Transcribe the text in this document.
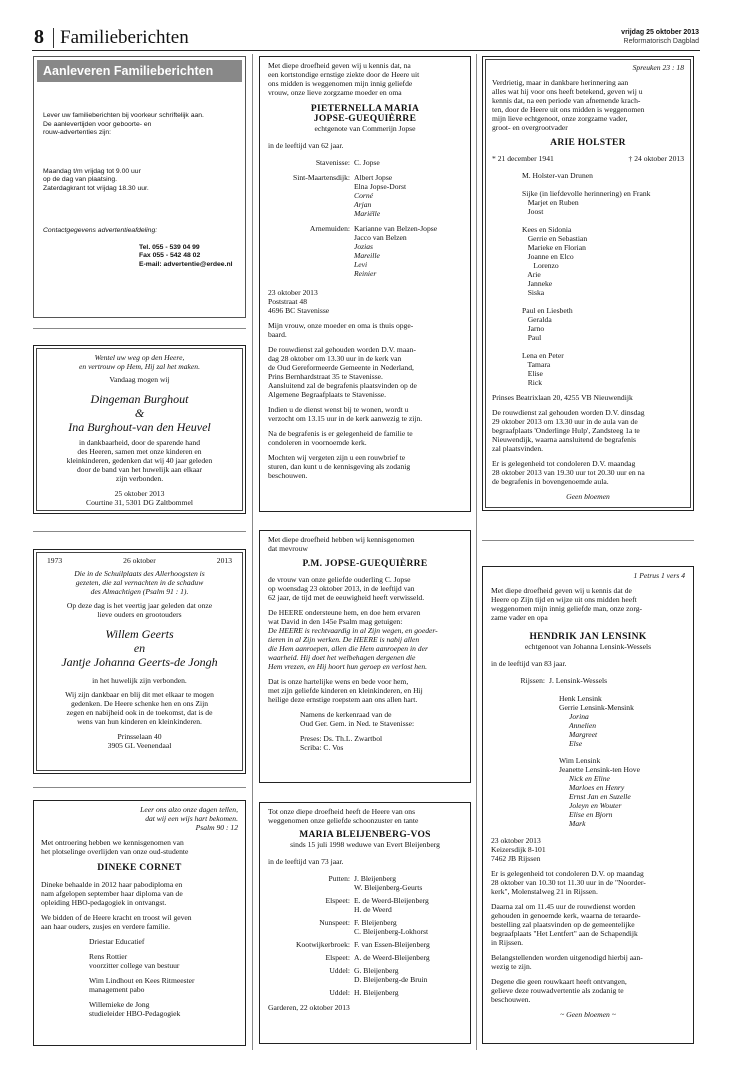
8 Familieberichten	vrijdag 25 oktober 2013
Reformatorisch Dagblad
Aanleveren Familieberichten
Lever uw familieberichten bij voorkeur schriftelijk aan.
De aanlevertijden voor geboorte- en
rouw-advertenties zijn:
Maandag t/m vrijdag tot 9.00 uur
op de dag van plaatsing.
Zaterdagkrant tot vrijdag 18.30 uur.
Contactgegevens advertentieafdeling:
Tel. 055 - 539 04 99
Fax 055 - 542 48 02
E-mail: advertentie@erdee.nl
Wentel uw weg op den Heere,
en vertrouw op Hem, Hij zal het maken.
Vandaag mogen wij
Dingeman Burghout
&
Ina Burghout-van den Heuvel
in dankbaarheid, door de sparende hand
des Heeren, samen met onze kinderen en
kleinkinderen, gedenken dat wij 40 jaar geleden
door de band van het huwelijk aan elkaar
zijn verbonden.
25 oktober 2013
Courtine 31, 5301 DG Zaltbommel
1973	26 oktober	2013
Die in de Schuilplaats des Allerhoogsten is
gezeten, die zal vernachten in de schaduw
des Almachtigen (Psalm 91 : 1).
Op deze dag is het veertig jaar geleden dat onze
lieve ouders en grootouders
Willem Geerts
en
Jantje Johanna Geerts-de Jongh
in het huwelijk zijn verbonden.
Wij zijn dankbaar en blij dit met elkaar te mogen
gedenken. De Heere schenke hen en ons Zijn
zegen en nabijheid ook in de toekomst, dat is de
wens van hun kinderen en kleinkinderen.
Prinsselaan 40
3905 GL Veenendaal
Leer ons alzo onze dagen tellen,
dat wij een wijs hart bekomen.
Psalm 90 : 12
Met ontroering hebben we kennisgenomen van
het plotselinge overlijden van onze oud-studente
DINEKE CORNET
Dineke behaalde in 2012 haar pabodiploma en
nam afgelopen september haar diploma van de
opleiding HBO-pedagogiek in ontvangst.
We bidden of de Heere kracht en troost wil geven
aan haar ouders, zusjes en verdere familie.
Driestar Educatief
Rens Rottier
voorzitter college van bestuur
Wim Lindhout en Kees Ritmeester
management pabo
Willemieke de Jong
studieleider HBO-Pedagogiek
Met diepe droefheid geven wij u kennis dat, na
een kortstondige ernstige ziekte door de Heere uit
ons midden is weggenomen mijn innig geliefde
vrouw, onze lieve zorgzame moeder en oma
PIETERNELLA MARIA
JOPSE-GUEQUIÈRRE
echtgenote van Commerijn Jopse
in de leeftijd van 62 jaar.
Stavenisse: C. Jopse
Sint-Maartensdijk: Albert Jopse
Elna Jopse-Dorst
Corné
Arjan
Mariëlle
Arnemuiden: Karianne van Belzen-Jopse
Jacco van Belzen
Jozias
Mareille
Levi
Reinier
23 oktober 2013
Poststraat 48
4696 BC Stavenisse
Mijn vrouw, onze moeder en oma is thuis opge-
baard.
De rouwdienst zal gehouden worden D.V. maan-
dag 28 oktober om 13.30 uur in de kerk van
de Oud Gereformeerde Gemeente in Nederland,
Prins Bernhardstraat 35 te Stavenisse.
Aansluitend zal de begrafenis plaatsvinden op de
Algemene Begraafplaats te Stavenisse.
Indien u de dienst wenst bij te wonen, wordt u
verzocht om 13.15 uur in de kerk aanwezig te zijn.
Na de begrafenis is er gelegenheid de familie te
condoleren in voornoemde kerk.
Mochten wij vergeten zijn u een rouwbrief te
sturen, dan kunt u de kennisgeving als zodanig
beschouwen.
Met diepe droefheid hebben wij kennisgenomen
dat mevrouw
P.M. JOPSE-GUEQUIÈRRE
de vrouw van onze geliefde ouderling C. Jopse
op woensdag 23 oktober 2013, in de leeftijd van
62 jaar, de tijd met de eeuwigheid heeft verwisseld.
De HEERE ondersteune hem, en doe hem ervaren
wat David in den 145e Psalm mag getuigen:
De HEERE is rechtvaardig in al Zijn wegen, en goeder-
tieren in al Zijn werken. De HEERE is nabij allen
die Hem aanroepen, allen die Hem aanroepen in der
waarheid. Hij doet het welbehagen dergenen die
Hem vrezen, en Hij hoort hun geroep en verlost hen.
Dat is onze hartelijke wens en bede voor hem,
met zijn geliefde kinderen en kleinkinderen, en Hij
heilige deze ernstige roepstem aan ons allen hart.
Namens de kerkenraad van de
Oud Ger. Gem. in Ned. te Stavenisse:
Preses: Ds. Th.L. Zwartbol
Scriba: C. Vos
Tot onze diepe droefheid heeft de Heere van ons
weggenomen onze geliefde schoonzuster en tante
MARIA BLEIJENBERG-VOS
sinds 15 juli 1998 weduwe van Evert Bleijenberg
in de leeftijd van 73 jaar.
Putten: J. Bleijenberg
W. Bleijenberg-Geurts
Elspeet: E. de Weerd-Bleijenberg
H. de Weerd
Nunspeet: F. Bleijenberg
C. Bleijenberg-Lokhorst
Kootwijkerbroek: F. van Essen-Bleijenberg
Elspeet: A. de Weerd-Bleijenberg
Uddel: G. Bleijenberg
D. Bleijenberg-de Bruin
Uddel: H. Bleijenberg
Garderen, 22 oktober 2013
Spreuken 23 : 18
Verdrietig, maar in dankbare herinnering aan
alles wat hij voor ons heeft betekend, geven wij u
kennis dat, na een periode van afnemende krach-
ten, door de Heere uit ons midden is weggenomen
mijn lieve echtgenoot, onze zorgzame vader,
groot- en overgrootvader
ARIE HOLSTER
* 21 december 1941	† 24 oktober 2013
M. Holster-van Drunen
Sijke (in liefdevolle herinnering) en Frank
Marjet en Ruben
Joost
Kees en Sidonia
Gerrie en Sebastian
Marieke en Florian
Joanne en Elco
Lorenzo
Arie
Janneke
Siska
Paul en Liesbeth
Geralda
Jarno
Paul
Lena en Peter
Tamara
Elise
Rick
Prinses Beatrixlaan 20, 4255 VB Nieuwendijk
De rouwdienst zal gehouden worden D.V. dinsdag
29 oktober 2013 om 13.30 uur in de aula van de
begraafplaats 'Onderlinge Hulp', Zandsteeg 1a te
Nieuwendijk, waarna aansluitend de begrafenis
zal plaatsvinden.
Er is gelegenheid tot condoleren D.V. maandag
28 oktober 2013 van 19.30 uur tot 20.30 uur en na
de begrafenis in bovengenoemde aula.
Geen bloemen
1 Petrus 1 vers 4
Met diepe droefheid geven wij u kennis dat de
Heere op Zijn tijd en wijze uit ons midden heeft
weggenomen mijn innig geliefde man, onze zorg-
zame vader en opa
HENDRIK JAN LENSINK
echtgenoot van Johanna Lensink-Wessels
in de leeftijd van 83 jaar.
Rijssen: J. Lensink-Wessels
Henk Lensink
Gerrie Lensink-Mensink
Jorina
Annelien
Margreet
Else
Wim Lensink
Jeanette Lensink-ten Hove
Nick en Eline
Marloes en Henry
Ernst Jan en Suzelle
Joleyn en Wouter
Elise en Bjorn
Mark
23 oktober 2013
Keizersdijk 8-101
7462 JB Rijssen
Er is gelegenheid tot condoleren D.V. op maandag
28 oktober van 10.30 tot 11.30 uur in de "Noorder-
kerk", Molenstalweg 21 in Rijssen.
Daarna zal om 11.45 uur de rouwdienst worden
gehouden in genoemde kerk, waarna de teraarde-
bestelling zal plaatsvinden op de gemeentelijke
begraafplaats "Het Lentfert" aan de Schapendijk
in Rijssen.
Belangstellenden worden uitgenodigd hierbij aan-
wezig te zijn.
Degene die geen rouwkaart heeft ontvangen,
gelieve deze rouwadvertentie als zodanig te
beschouwen.
~ Geen bloemen ~
